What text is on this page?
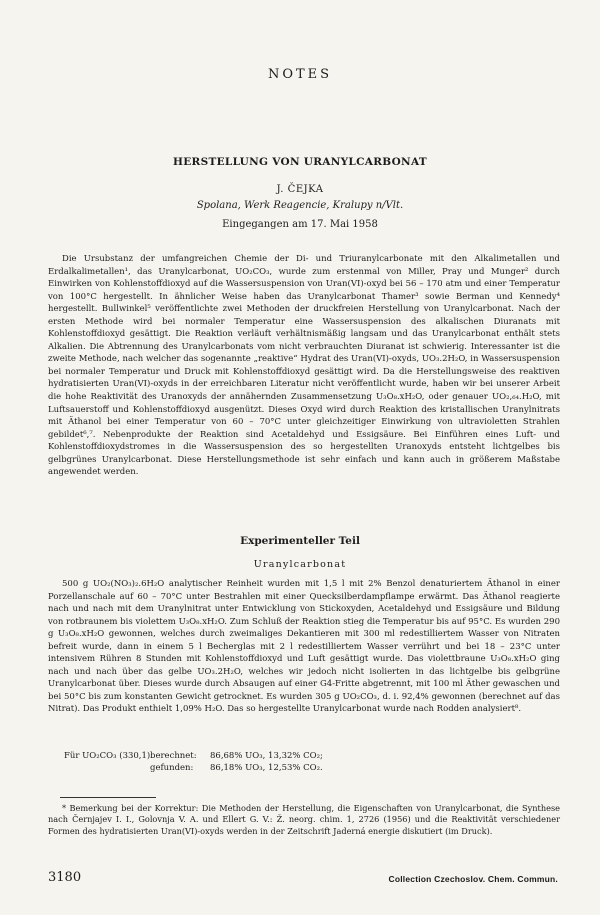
NOTES
HERSTELLUNG VON URANYLCARBONAT
J. ČEJKA
Spolana, Werk Reagencie, Kralupy n/Vlt.
Eingegangen am 17. Mai 1958

Die Ursubstanz der umfangreichen Chemie der Di- und Triuranylcarbonate mit den Alkalimetallen und Erdalkalimetallen¹, das Uranylcarbonat, UO₂CO₃, wurde zum erstenmal von Miller, Pray und Munger² durch Einwirken von Kohlenstoffdioxyd auf die Wassersuspension von Uran(VI)-oxyd bei 56 – 170 atm und einer Temperatur von 100°C hergestellt. In ähnlicher Weise haben das Uranylcarbonat Thamer³ sowie Berman und Kennedy⁴ hergestellt. Bullwinkel⁵ veröffentlichte zwei Methoden der druckfreien Herstellung von Uranylcarbonat. Nach der ersten Methode wird bei normaler Temperatur eine Wassersuspension des alkalischen Diuranats mit Kohlenstoffdioxyd gesättigt. Die Reaktion verläuft verhältnismäßig langsam und das Uranylcarbonat enthält stets Alkalien. Die Abtrennung des Uranylcarbonats vom nicht verbrauchten Diuranat ist schwierig. Interessanter ist die zweite Methode, nach welcher das sogenannte „reaktive“ Hydrat des Uran(VI)-oxyds, UO₃.2H₂O, in Wassersuspension bei normaler Temperatur und Druck mit Kohlenstoffdioxyd gesättigt wird. Da die Herstellungsweise des reaktiven hydratisierten Uran(VI)-oxyds in der erreichbaren Literatur nicht veröffentlicht wurde, haben wir bei unserer Arbeit die hohe Reaktivität des Uranoxyds der annähernden Zusammensetzung U₃O₈.xH₂O, oder genauer UO₂,₆₄.H₂O, mit Luftsauerstoff und Kohlenstoffdioxyd ausgenützt. Dieses Oxyd wird durch Reaktion des kristallischen Uranylnitrats mit Äthanol bei einer Temperatur von 60 – 70°C unter gleichzeitiger Einwirkung von ultravioletten Strahlen gebildet⁶,⁷. Nebenprodukte der Reaktion sind Acetaldehyd und Essigsäure. Bei Einführen eines Luft- und Kohlenstoffdioxydstromes in die Wassersuspension des so hergestellten Uranoxyds entsteht lichtgelbes bis gelbgrünes Uranylcarbonat. Diese Herstellungsmethode ist sehr einfach und kann auch in größerem Maßstabe angewendet werden.

Experimenteller Teil
Uranylcarbonat

500 g UO₂(NO₃)₂.6H₂O analytischer Reinheit wurden mit 1,5 l mit 2% Benzol denaturiertem Äthanol in einer Porzellanschale auf 60 – 70°C unter Bestrahlen mit einer Quecksilberdampflampe erwärmt. Das Äthanol reagierte nach und nach mit dem Uranylnitrat unter Entwicklung von Stickoxyden, Acetaldehyd und Essigsäure und Bildung von rotbraunem bis violettem U₃O₈.xH₂O. Zum Schluß der Reaktion stieg die Temperatur bis auf 95°C. Es wurden 290 g U₃O₈.xH₂O gewonnen, welches durch zweimaliges Dekantieren mit 300 ml redestilliertem Wasser von Nitraten befreit wurde, dann in einem 5 l Becherglas mit 2 l redestilliertem Wasser verrührt und bei 18 – 23°C unter intensivem Rühren 8 Stunden mit Kohlenstoffdioxyd und Luft gesättigt wurde. Das violettbraune U₃O₈.xH₂O ging nach und nach über das gelbe UO₃.2H₂O, welches wir jedoch nicht isolierten in das lichtgelbe bis gelbgrüne Uranylcarbonat über. Dieses wurde durch Absaugen auf einer G4-Fritte abgetrennt, mit 100 ml Äther gewaschen und bei 50°C bis zum konstanten Gewicht getrocknet. Es wurden 305 g UO₂CO₃, d. i. 92,4% gewonnen (berechnet auf das Nitrat). Das Produkt enthielt 1,09% H₂O. Das so hergestellte Uranylcarbonat wurde nach Rodden analysiert⁸.

Für UO₂CO₃ (330,1) berechnet:	86,68% UO₃, 13,32% CO₂;
gefunden:	86,18% UO₃, 12,53% CO₂.

* Bemerkung bei der Korrektur: Die Methoden der Herstellung, die Eigenschaften von Uranylcarbonat, die Synthese nach Černjajev I. I., Golovnja V. A. und Ellert G. V.: Ž. neorg. chim. 1, 2726 (1956) und die Reaktivität verschiedener Formen des hydratisierten Uran(VI)-oxyds werden in der Zeitschrift Jaderná energie diskutiert (im Druck).

3180	Collection Czechoslov. Chem. Commun.
